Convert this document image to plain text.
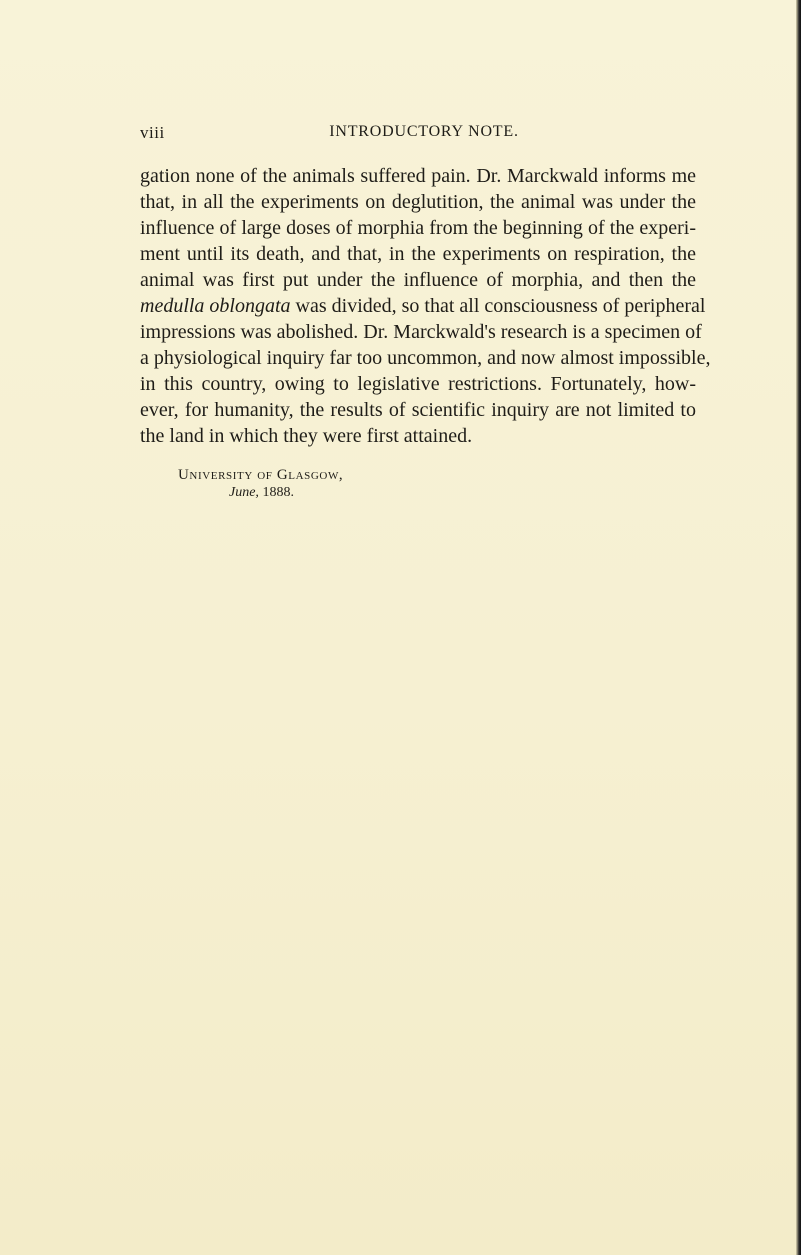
viii	INTRODUCTORY NOTE.
gation none of the animals suffered pain. Dr. Marckwald informs me
that, in all the experiments on deglutition, the animal was under the
influence of large doses of morphia from the beginning of the experi-
ment until its death, and that, in the experiments on respiration, the
animal was first put under the influence of morphia, and then the
medulla oblongata was divided, so that all consciousness of peripheral
impressions was abolished. Dr. Marckwald's research is a specimen of
a physiological inquiry far too uncommon, and now almost impossible,
in this country, owing to legislative restrictions. Fortunately, how-
ever, for humanity, the results of scientific inquiry are not limited to
the land in which they were first attained.
University of Glasgow,
June, 1888.
